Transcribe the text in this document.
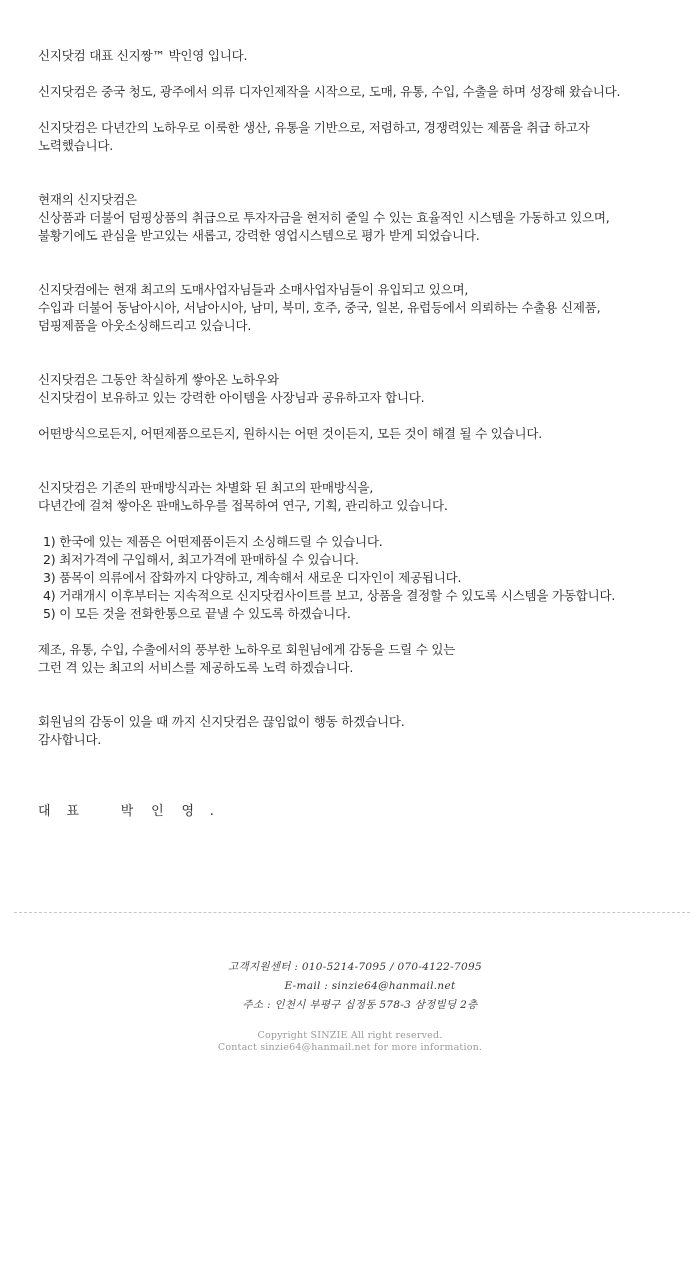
신지닷컴 대표 신지짱™ 박인영 입니다.
신지닷컴은 중국 청도, 광주에서 의류 디자인제작을 시작으로, 도매, 유통, 수입, 수출을 하며 성장해 왔습니다.
신지닷컴은 다년간의 노하우로 이룩한 생산, 유통을 기반으로, 저렴하고, 경쟁력있는 제품을 취급 하고자
노력했습니다.
현재의 신지닷컴은
신상품과 더불어 덤핑상품의 취급으로 투자자금을 현저히 줄일 수 있는 효율적인 시스템을 가동하고 있으며,
불황기에도 관심을 받고있는 새롭고, 강력한 영업시스템으로 평가 받게 되었습니다.
신지닷컴에는 현재 최고의 도매사업자님들과 소매사업자님들이 유입되고 있으며,
수입과 더불어 동남아시아, 서남아시아, 남미, 북미, 호주, 중국, 일본, 유럽등에서 의뢰하는 수출용 신제품,
덤핑제품을 아웃소싱해드리고 있습니다.
신지닷컴은 그동안 착실하게 쌓아온 노하우와
신지닷컴이 보유하고 있는 강력한 아이템을 사장님과 공유하고자 합니다.
어떤방식으로든지, 어떤제품으로든지, 원하시는 어떤 것이든지, 모든 것이 해결 될 수 있습니다.
신지닷컴은 기존의 판매방식과는 차별화 된 최고의 판매방식을,
다년간에 걸쳐 쌓아온 판매노하우를 접목하여 연구, 기획, 관리하고 있습니다.
1) 한국에 있는 제품은 어떤제품이든지 소싱해드릴 수 있습니다.
2) 최저가격에 구입해서, 최고가격에 판매하실 수 있습니다.
3) 품목이 의류에서 잡화까지 다양하고, 계속해서 새로운 디자인이 제공됩니다.
4) 거래개시 이후부터는 지속적으로 신지닷컴사이트를 보고, 상품을 결정할 수 있도록 시스템을 가동합니다.
5) 이 모든 것을 전화한통으로 끝낼 수 있도록 하겠습니다.
제조, 유통, 수입, 수출에서의 풍부한 노하우로 회원님에게 감동을 드릴 수 있는
그런 격 있는 최고의 서비스를 제공하도록 노력 하겠습니다.
회원님의 감동이 있을 때 까지 신지닷컴은 끊임없이 행동 하겠습니다.
감사합니다.
대 표	박 인 영 .
고객지원센터 : 010-5214-7095 / 070-4122-7095
E-mail : sinzie64@hanmail.net
주소 : 인천시 부평구 십정동 578-3 삼정빌딩 2층
Copyright SINZIE All right reserved.
Contact sinzie64@hanmail.net for more information.
